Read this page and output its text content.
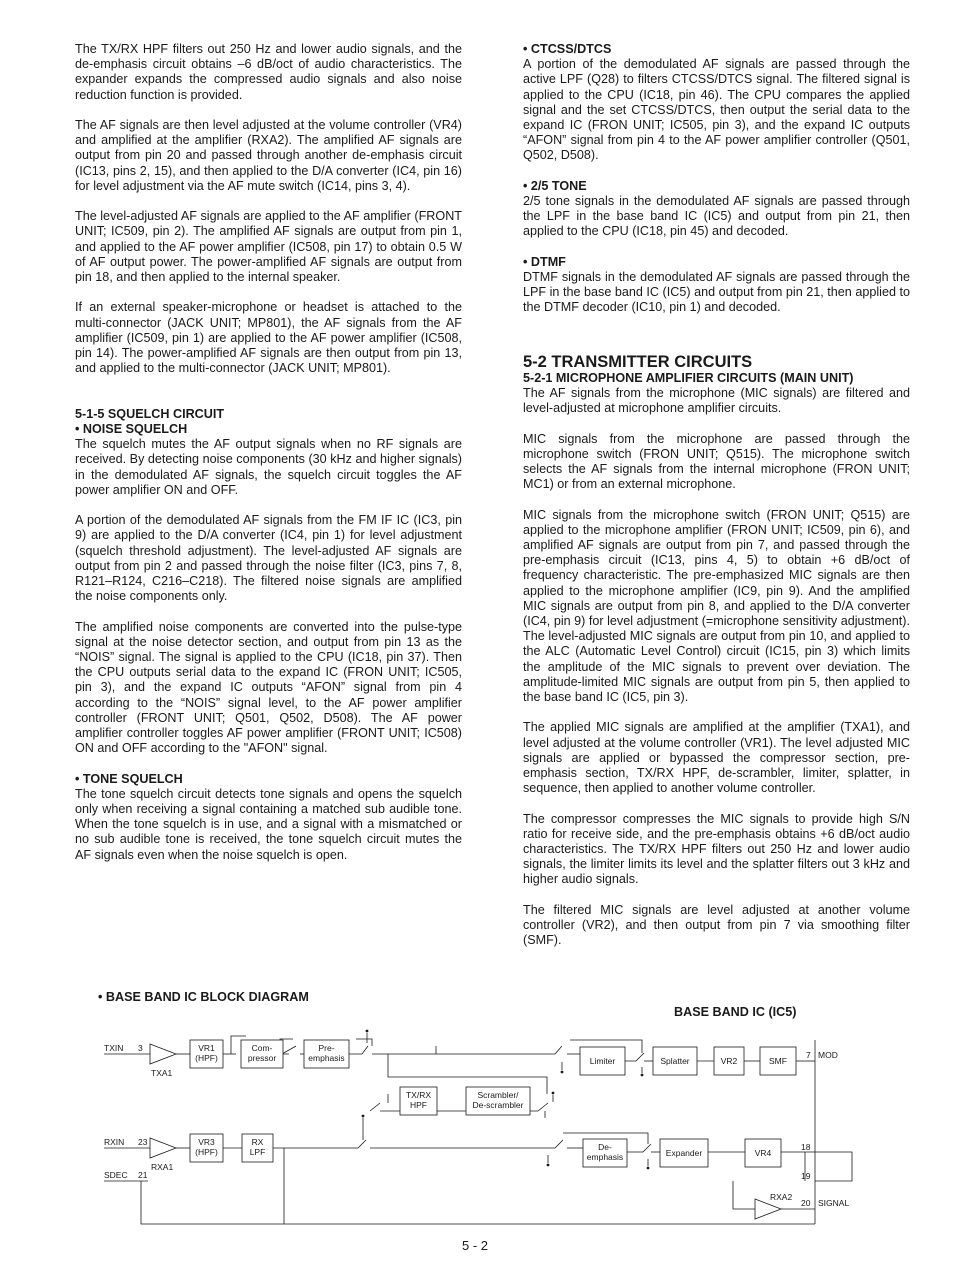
The TX/RX HPF filters out 250 Hz and lower audio signals, and the de-emphasis circuit obtains –6 dB/oct of audio characteristics. The expander expands the compressed audio signals and also noise reduction function is provided.

The AF signals are then level adjusted at the volume controller (VR4) and amplified at the amplifier (RXA2). The amplified AF signals are output from pin 20 and passed through another de-emphasis circuit (IC13, pins 2, 15), and then applied to the D/A converter (IC4, pin 16) for level adjustment via the AF mute switch (IC14, pins 3, 4).

The level-adjusted AF signals are applied to the AF amplifier (FRONT UNIT; IC509, pin 2). The amplified AF signals are output from pin 1, and applied to the AF power amplifier (IC508, pin 17) to obtain 0.5 W of AF output power. The power-amplified AF signals are output from pin 18, and then applied to the internal speaker.

If an external speaker-microphone or headset is attached to the multi-connector (JACK UNIT; MP801), the AF signals from the AF amplifier (IC509, pin 1) are applied to the AF power amplifier (IC508, pin 14). The power-amplified AF signals are then output from pin 13, and applied to the multi-connector (JACK UNIT; MP801).

5-1-5 SQUELCH CIRCUIT
• NOISE SQUELCH

The squelch mutes the AF output signals when no RF signals are received. By detecting noise components (30 kHz and higher signals) in the demodulated AF signals, the squelch circuit toggles the AF power amplifier ON and OFF.

A portion of the demodulated AF signals from the FM IF IC (IC3, pin 9) are applied to the D/A converter (IC4, pin 1) for level adjustment (squelch threshold adjustment). The level-adjusted AF signals are output from pin 2 and passed through the noise filter (IC3, pins 7, 8, R121–R124, C216–C218). The filtered noise signals are amplified the noise components only.

The amplified noise components are converted into the pulse-type signal at the noise detector section, and output from pin 13 as the “NOIS” signal. The signal is applied to the CPU (IC18, pin 37). Then the CPU outputs serial data to the expand IC (FRON UNIT; IC505, pin 3), and the expand IC outputs “AFON” signal from pin 4 according to the “NOIS” signal level, to the AF power amplifier controller (FRONT UNIT; Q501, Q502, D508). The AF power amplifier controller toggles AF power amplifier (FRONT UNIT; IC508) ON and OFF according to the "AFON" signal.

• TONE SQUELCH

The tone squelch circuit detects tone signals and opens the squelch only when receiving a signal containing a matched sub audible tone. When the tone squelch is in use, and a signal with a mismatched or no sub audible tone is received, the tone squelch circuit mutes the AF signals even when the noise squelch is open.

• CTCSS/DTCS

A portion of the demodulated AF signals are passed through the active LPF (Q28) to filters CTCSS/DTCS signal. The filtered signal is applied to the CPU (IC18, pin 46). The CPU compares the applied signal and the set CTCSS/DTCS, then output the serial data to the expand IC (FRON UNIT; IC505, pin 3), and the expand IC outputs “AFON” signal from pin 4 to the AF power amplifier controller (Q501, Q502, D508).

• 2/5 TONE

2/5 tone signals in the demodulated AF signals are passed through the LPF in the base band IC (IC5) and output from pin 21, then applied to the CPU (IC18, pin 45) and decoded.

• DTMF

DTMF signals in the demodulated AF signals are passed through the LPF in the base band IC (IC5) and output from pin 21, then applied to the DTMF decoder (IC10, pin 1) and decoded.

5-2 TRANSMITTER CIRCUITS
5-2-1 MICROPHONE AMPLIFIER CIRCUITS (MAIN UNIT)

The AF signals from the microphone (MIC signals) are filtered and level-adjusted at microphone amplifier circuits.

MIC signals from the microphone are passed through the microphone switch (FRON UNIT; Q515). The microphone switch selects the AF signals from the internal microphone (FRON UNIT; MC1) or from an external microphone.

MIC signals from the microphone switch (FRON UNIT; Q515) are applied to the microphone amplifier (FRON UNIT; IC509, pin 6), and amplified AF signals are output from pin 7, and passed through the pre-emphasis circuit (IC13, pins 4, 5) to obtain +6 dB/oct of frequency characteristic. The pre-emphasized MIC signals are then applied to the microphone amplifier (IC9, pin 9). And the amplified MIC signals are output from pin 8, and applied to the D/A converter (IC4, pin 9) for level adjustment (=microphone sensitivity adjustment). The level-adjusted MIC signals are output from pin 10, and applied to the ALC (Automatic Level Control) circuit (IC15, pin 3) which limits the amplitude of the MIC signals to prevent over deviation. The amplitude-limited MIC signals are output from pin 5, then applied to the base band IC (IC5, pin 3).

The applied MIC signals are amplified at the amplifier (TXA1), and level adjusted at the volume controller (VR1). The level adjusted MIC signals are applied or bypassed the compressor section, pre-emphasis section, TX/RX HPF, de-scrambler, limiter, splatter, in sequence, then applied to another volume controller.

The compressor compresses the MIC signals to provide high S/N ratio for receive side, and the pre-emphasis obtains +6 dB/oct audio characteristics. The TX/RX HPF filters out 250 Hz and lower audio signals, the limiter limits its level and the splatter filters out 3 kHz and higher audio signals.

The filtered MIC signals are level adjusted at another volume controller (VR2), and then output from pin 7 via smoothing filter (SMF).

• BASE BAND IC BLOCK DIAGRAM
BASE BAND IC (IC5)
TXIN 3
RXIN 23
SDEC 21
TXA1
RXA1
RXA2
VR1
(HPF)
Com-
pressor
Pre-
emphasis
TX/RX
HPF
Scrambler/
De-scrambler
Limiter	Splatter	VR2	SMF
VR3
(HPF)
RX
LPF	De-
emphasis	Expander	VR4
7 MOD
18
19
20 SIGNAL
5 - 2
